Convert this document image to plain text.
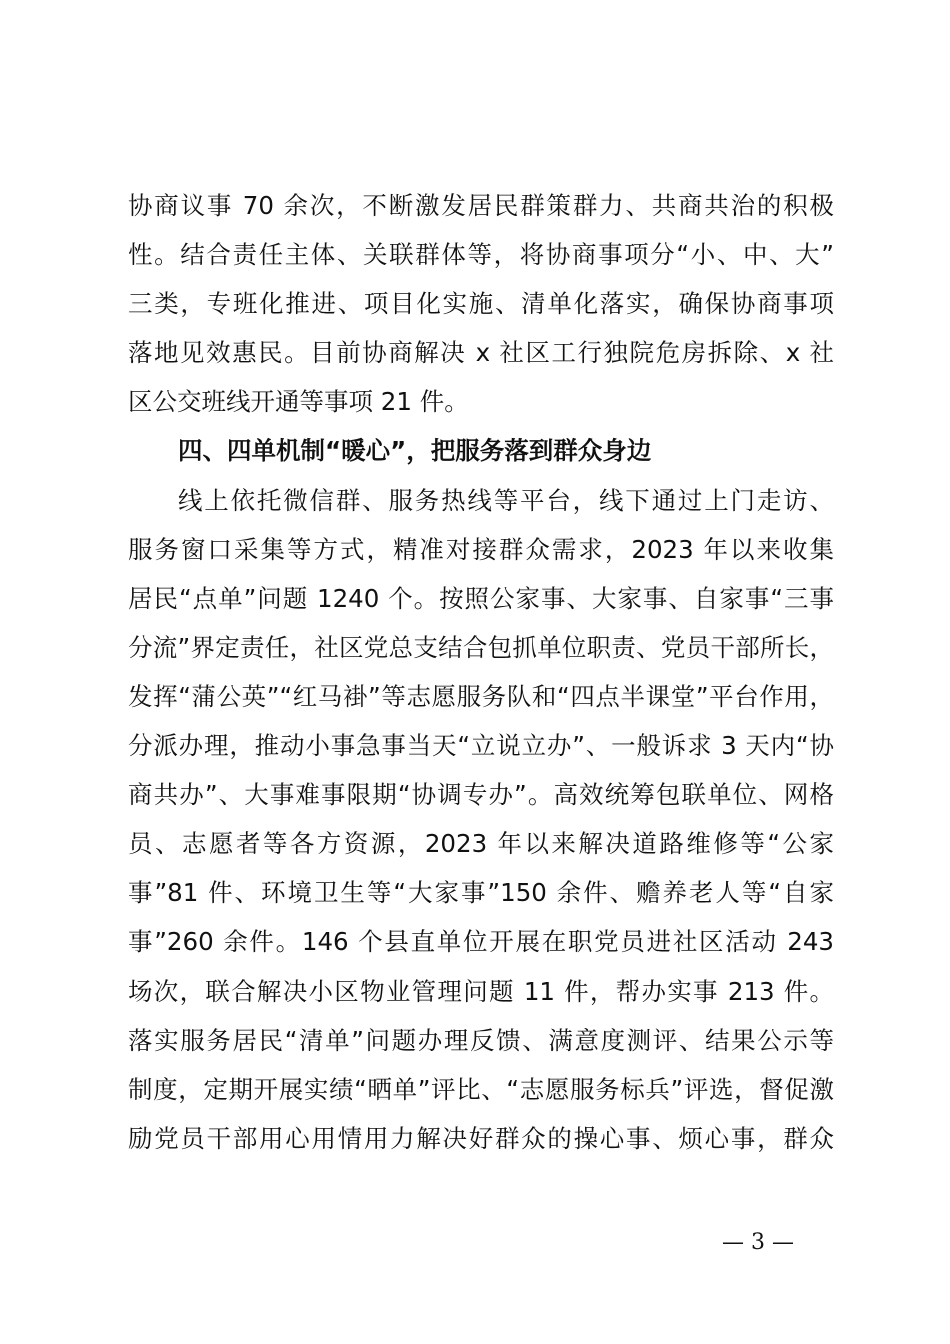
协商议事 70 余次，不断激发居民群策群力、共商共治的积极
性。结合责任主体、关联群体等，将协商事项分“小、中、大”
三类，专班化推进、项目化实施、清单化落实，确保协商事项
落地见效惠民。目前协商解决 x 社区工行独院危房拆除、x 社
区公交班线开通等事项 21 件。
四、四单机制“暖心”，把服务落到群众身边
线上依托微信群、服务热线等平台，线下通过上门走访、
服务窗口采集等方式，精准对接群众需求，2023 年以来收集
居民“点单”问题 1240 个。按照公家事、大家事、自家事“三事
分流”界定责任，社区党总支结合包抓单位职责、党员干部所长，
发挥“蒲公英”“红马褂”等志愿服务队和“四点半课堂”平台作用，
分派办理，推动小事急事当天“立说立办”、一般诉求 3 天内“协
商共办”、大事难事限期“协调专办”。高效统筹包联单位、网格
员、志愿者等各方资源，2023 年以来解决道路维修等“公家
事”81 件、环境卫生等“大家事”150 余件、赡养老人等“自家
事”260 余件。146 个县直单位开展在职党员进社区活动 243
场次，联合解决小区物业管理问题 11 件，帮办实事 213 件。
落实服务居民“清单”问题办理反馈、满意度测评、结果公示等
制度，定期开展实绩“晒单”评比、“志愿服务标兵”评选，督促激
励党员干部用心用情用力解决好群众的操心事、烦心事，群众
— 3 —
